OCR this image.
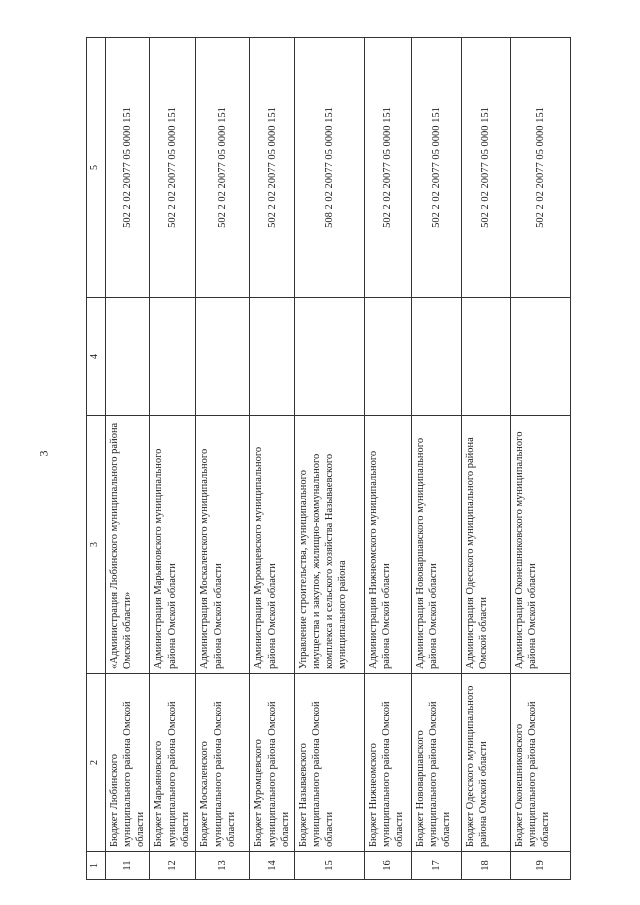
3
1	2	3	4	5
11	Бюджет Любинского муниципального района Омской области	«Администрация Любинского муниципального района Омской области»		502 2 02 20077 05 0000 151
12	Бюджет Марьяновского муниципального района Омской области	Администрация Марьяновского муниципального района Омской области		502 2 02 20077 05 0000 151
13	Бюджет Москаленского муниципального района Омской области	Администрация Москаленского муниципального района Омской области		502 2 02 20077 05 0000 151
14	Бюджет Муромцевского муниципального района Омской области	Администрация Муромцевского муниципального района Омской области		502 2 02 20077 05 0000 151
15	Бюджет Называевского муниципального района Омской области	Управление строительства, муниципального имущества и закупок, жилищно-коммунального комплекса и сельского хозяйства Называевского муниципального района		508 2 02 20077 05 0000 151
16	Бюджет Нижнеомского муниципального района Омской области	Администрация Нижнеомского муниципального района Омской области		502 2 02 20077 05 0000 151
17	Бюджет Нововаршавского муниципального района Омской области	Администрация Нововаршавского муниципального района Омской области		502 2 02 20077 05 0000 151
18	Бюджет Одесского муниципального района Омской области	Администрация Одесского муниципального района Омской области		502 2 02 20077 05 0000 151
19	Бюджет Оконешниковского муниципального района Омской области	Администрация Оконешниковского муниципального района Омской области		502 2 02 20077 05 0000 151
